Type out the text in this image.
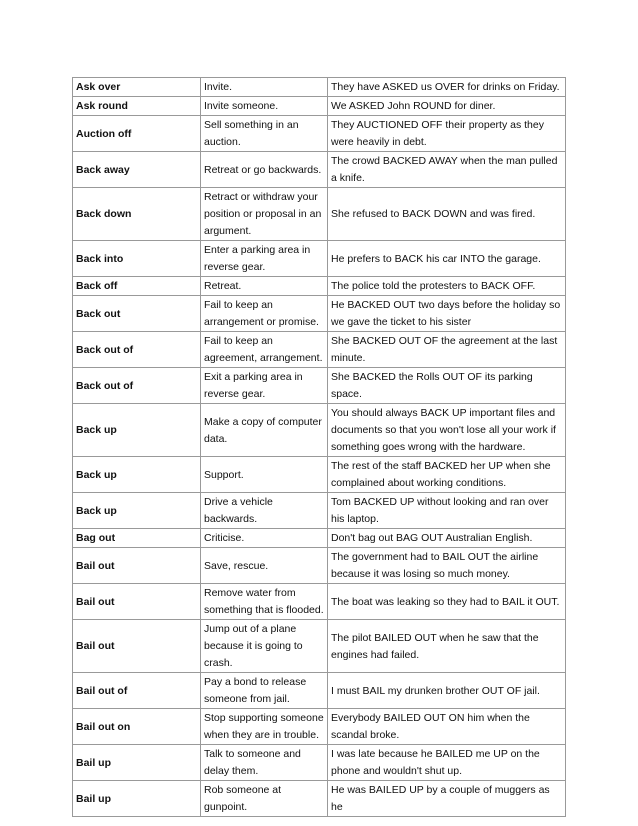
Ask over	Invite.	They have ASKED us OVER for drinks on Friday.
Ask round	Invite someone.	We ASKED John ROUND for diner.
Auction off	Sell something in an auction.	They AUCTIONED OFF their property as they were heavily in debt.
Back away	Retreat or go backwards.	The crowd BACKED AWAY when the man pulled a knife.
Back down	Retract or withdraw your position or proposal in an argument.	She refused to BACK DOWN and was fired.
Back into	Enter a parking area in reverse gear.	He prefers to BACK his car INTO the garage.
Back off	Retreat.	The police told the protesters to BACK OFF.
Back out	Fail to keep an arrangement or promise.	He BACKED OUT two days before the holiday so we gave the ticket to his sister
Back out of	Fail to keep an agreement, arrangement.	She BACKED OUT OF the agreement at the last minute.
Back out of	Exit a parking area in reverse gear.	She BACKED the Rolls OUT OF its parking space.
Back up	Make a copy of computer data.	You should always BACK UP important files and documents so that you won't lose all your work if something goes wrong with the hardware.
Back up	Support.	The rest of the staff BACKED her UP when she complained about working conditions.
Back up	Drive a vehicle backwards.	Tom BACKED UP without looking and ran over his laptop.
Bag out	Criticise.	Don't bag out BAG OUT Australian English.
Bail out	Save, rescue.	The government had to BAIL OUT the airline because it was losing so much money.
Bail out	Remove water from something that is flooded.	The boat was leaking so they had to BAIL it OUT.
Bail out	Jump out of a plane because it is going to crash.	The pilot BAILED OUT when he saw that the engines had failed.
Bail out of	Pay a bond to release someone from jail.	I must BAIL my drunken brother OUT OF jail.
Bail out on	Stop supporting someone when they are in trouble.	Everybody BAILED OUT ON him when the scandal broke.
Bail up	Talk to someone and delay them.	I was late because he BAILED me UP on the phone and wouldn't shut up.
Bail up	Rob someone at gunpoint.	He was BAILED UP by a couple of muggers as he
